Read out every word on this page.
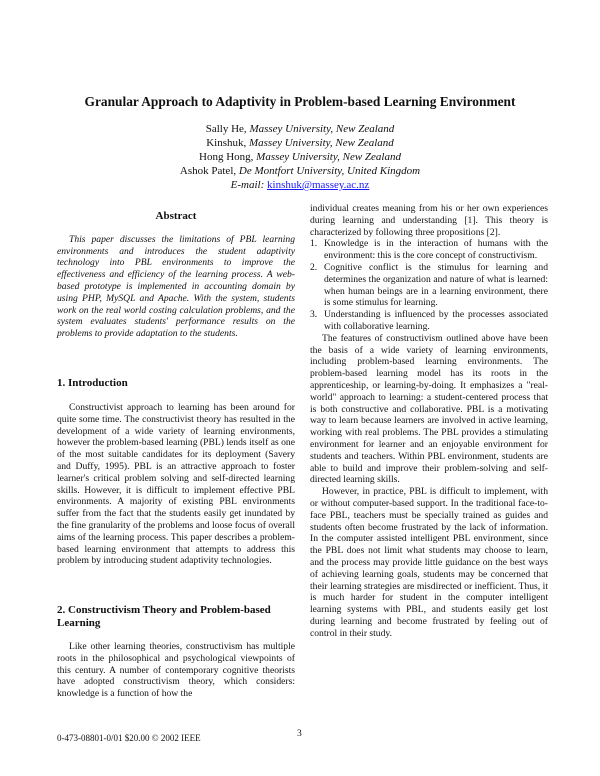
Granular Approach to Adaptivity in Problem-based Learning Environment
Sally He, Massey University, New Zealand
Kinshuk, Massey University, New Zealand
Hong Hong, Massey University, New Zealand
Ashok Patel, De Montfort University, United Kingdom
E-mail: kinshuk@massey.ac.nz
Abstract

This paper discusses the limitations of PBL learning environments and introduces the student adaptivity technology into PBL environments to improve the effectiveness and efficiency of the learning process. A web-based prototype is implemented in accounting domain by using PHP, MySQL and Apache. With the system, students work on the real world costing calculation problems, and the system evaluates students' performance results on the problems to provide adaptation to the students.

1. Introduction

Constructivist approach to learning has been around for quite some time. The constructivist theory has resulted in the development of a wide variety of learning environments, however the problem-based learning (PBL) lends itself as one of the most suitable candidates for its deployment (Savery and Duffy, 1995). PBL is an attractive approach to foster learner's critical problem solving and self-directed learning skills. However, it is difficult to implement effective PBL environments. A majority of existing PBL environments suffer from the fact that the students easily get inundated by the fine granularity of the problems and loose focus of overall aims of the learning process. This paper describes a problem-based learning environment that attempts to address this problem by introducing student adaptivity technologies.

2. Constructivism Theory and Problem-based Learning

Like other learning theories, constructivism has multiple roots in the philosophical and psychological viewpoints of this century. A number of contemporary cognitive theorists have adopted constructivism theory, which considers: knowledge is a function of how the

individual creates meaning from his or her own experiences during learning and understanding [1]. This theory is characterized by following three propositions [2].

1. Knowledge is in the interaction of humans with the environment: this is the core concept of constructivism.
2. Cognitive conflict is the stimulus for learning and determines the organization and nature of what is learned: when human beings are in a learning environment, there is some stimulus for learning.
3. Understanding is influenced by the processes associated with collaborative learning.

The features of constructivism outlined above have been the basis of a wide variety of learning environments, including problem-based learning environments. The problem-based learning model has its roots in the apprenticeship, or learning-by-doing. It emphasizes a "real-world" approach to learning: a student-centered process that is both constructive and collaborative. PBL is a motivating way to learn because learners are involved in active learning, working with real problems. The PBL provides a stimulating environment for learner and an enjoyable environment for students and teachers. Within PBL environment, students are able to build and improve their problem-solving and self-directed learning skills.

However, in practice, PBL is difficult to implement, with or without computer-based support. In the traditional face-to-face PBL, teachers must be specially trained as guides and students often become frustrated by the lack of information. In the computer assisted intelligent PBL environment, since the PBL does not limit what students may choose to learn, and the process may provide little guidance on the best ways of achieving learning goals, students may be concerned that their learning strategies are misdirected or inefficient. Thus, it is much harder for student in the computer intelligent learning systems with PBL, and students easily get lost during learning and become frustrated by feeling out of control in their study.

0-473-08801-0/01 $20.00 © 2002 IEEE	3
